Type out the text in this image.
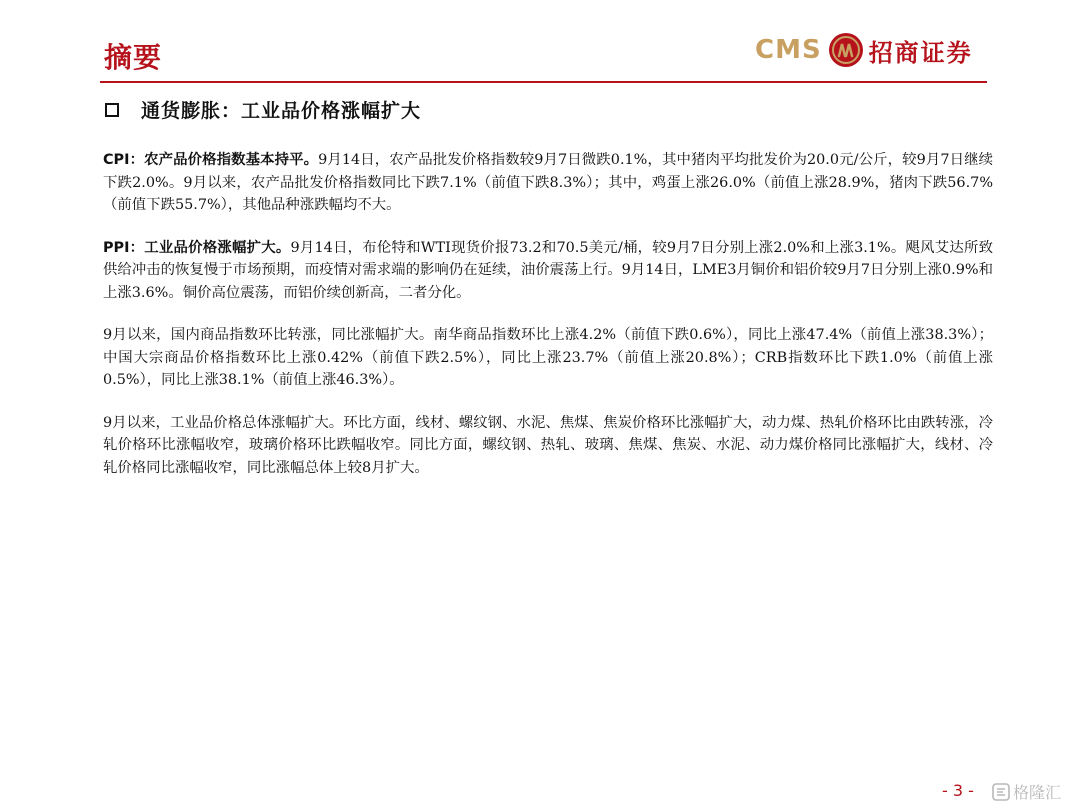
摘要	CMS 招商证券
通货膨胀：工业品价格涨幅扩大

CPI：农产品价格指数基本持平。9月14日，农产品批发价格指数较9月7日微跌0.1%，其中猪肉平均批发价为20.0元/公斤，较9月7日继续下跌2.0%。9月以来，农产品批发价格指数同比下跌7.1%（前值下跌8.3%）；其中，鸡蛋上涨26.0%（前值上涨28.9%，猪肉下跌56.7%（前值下跌55.7%），其他品种涨跌幅均不大。

PPI：工业品价格涨幅扩大。9月14日，布伦特和WTI现货价报73.2和70.5美元/桶，较9月7日分别上涨2.0%和上涨3.1%。飓风艾达所致供给冲击的恢复慢于市场预期，而疫情对需求端的影响仍在延续，油价震荡上行。9月14日，LME3月铜价和铝价较9月7日分别上涨0.9%和上涨3.6%。铜价高位震荡，而铝价续创新高，二者分化。

9月以来，国内商品指数环比转涨，同比涨幅扩大。南华商品指数环比上涨4.2%（前值下跌0.6%），同比上涨47.4%（前值上涨38.3%）；中国大宗商品价格指数环比上涨0.42%（前值下跌2.5%），同比上涨23.7%（前值上涨20.8%）；CRB指数环比下跌1.0%（前值上涨0.5%），同比上涨38.1%（前值上涨46.3%）。

9月以来，工业品价格总体涨幅扩大。环比方面，线材、螺纹钢、水泥、焦煤、焦炭价格环比涨幅扩大，动力煤、热轧价格环比由跌转涨，冷轧价格环比涨幅收窄，玻璃价格环比跌幅收窄。同比方面，螺纹钢、热轧、玻璃、焦煤、焦炭、水泥、动力煤价格同比涨幅扩大，线材、冷轧价格同比涨幅收窄，同比涨幅总体上较8月扩大。

- 3 - 格隆汇
